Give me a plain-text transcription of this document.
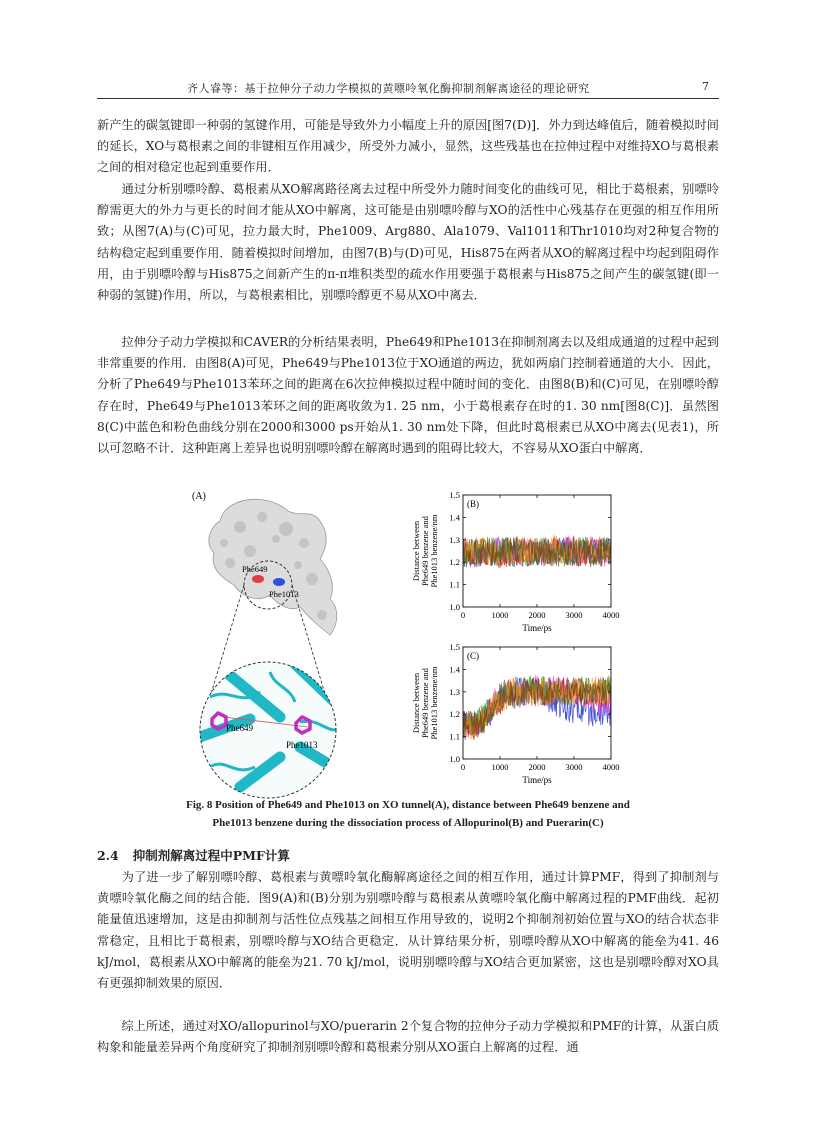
齐人睿等：基于拉伸分子动力学模拟的黄嘌呤氧化酶抑制剂解离途径的理论研究	7

新产生的碳氢键即一种弱的氢键作用，可能是导致外力小幅度上升的原因[图7(D)]．外力到达峰值后，随着模拟时间的延长，XO与葛根素之间的非键相互作用减少，所受外力减小，显然，这些残基也在拉伸过程中对维持XO与葛根素之间的相对稳定也起到重要作用．

　　通过分析别嘌呤醇、葛根素从XO解离路径离去过程中所受外力随时间变化的曲线可见，相比于葛根素，别嘌呤醇需更大的外力与更长的时间才能从XO中解离，这可能是由别嘌呤醇与XO的活性中心残基存在更强的相互作用所致；从图7(A)与(C)可见，拉力最大时，Phe1009、Arg880、Ala1079、Val1011和Thr1010均对2种复合物的结构稳定起到重要作用．随着模拟时间增加，由图7(B)与(D)可见，His875在两者从XO的解离过程中均起到阻碍作用，由于别嘌呤醇与His875之间新产生的π-π堆积类型的疏水作用要强于葛根素与His875之间产生的碳氢键(即一种弱的氢键)作用，所以，与葛根素相比，别嘌呤醇更不易从XO中离去．

　　拉伸分子动力学模拟和CAVER的分析结果表明，Phe649和Phe1013在抑制剂离去以及组成通道的过程中起到非常重要的作用．由图8(A)可见，Phe649与Phe1013位于XO通道的两边，犹如两扇门控制着通道的大小．因此，分析了Phe649与Phe1013苯环之间的距离在6次拉伸模拟过程中随时间的变化．由图8(B)和(C)可见，在别嘌呤醇存在时，Phe649与Phe1013苯环之间的距离收敛为1. 25 nm，小于葛根素存在时的1. 30 nm[图8(C)]．虽然图8(C)中蓝色和粉色曲线分别在2000和3000 ps开始从1. 30 nm处下降，但此时葛根素已从XO中离去(见表1)，所以可忽略不计．这种距离上差异也说明别嘌呤醇在解离时遇到的阻碍比较大，不容易从XO蛋白中解离．

(A)
Phe649
Phe1013
Phe649
Phe1013
1.0
1.1
1.2
1.3
1.4
1.5
0	1000 2000 3000 4000
(B)
Time/ps
Distance between Phe649 benzene and Phe1013 benzene/nm
1.0
1.1
1.2
1.3
1.4
1.5
0	1000 2000 3000 4000
(C)
Time/ps
Distance between Phe649 benzene and Phe1013 benzene/nm
Fig. 8 Position of Phe649 and Phe1013 on XO tunnel(A), distance between Phe649 benzene and
Phe1013 benzene during the dissociation process of Allopurinol(B) and Puerarin(C)
2.4 抑制剂解离过程中PMF计算

　　为了进一步了解别嘌呤醇、葛根素与黄嘌呤氧化酶解离途径之间的相互作用，通过计算PMF，得到了抑制剂与黄嘌呤氧化酶之间的结合能．图9(A)和(B)分别为别嘌呤醇与葛根素从黄嘌呤氧化酶中解离过程的PMF曲线．起初能量值迅速增加，这是由抑制剂与活性位点残基之间相互作用导致的，说明2个抑制剂初始位置与XO的结合状态非常稳定，且相比于葛根素，别嘌呤醇与XO结合更稳定．从计算结果分析，别嘌呤醇从XO中解离的能垒为41. 46 kJ/mol，葛根素从XO中解离的能垒为21. 70 kJ/mol，说明别嘌呤醇与XO结合更加紧密，这也是别嘌呤醇对XO具有更强抑制效果的原因．

　　综上所述，通过对XO/allopurinol与XO/puerarin 2个复合物的拉伸分子动力学模拟和PMF的计算，从蛋白质构象和能量差异两个角度研究了抑制剂别嘌呤醇和葛根素分别从XO蛋白上解离的过程．通
